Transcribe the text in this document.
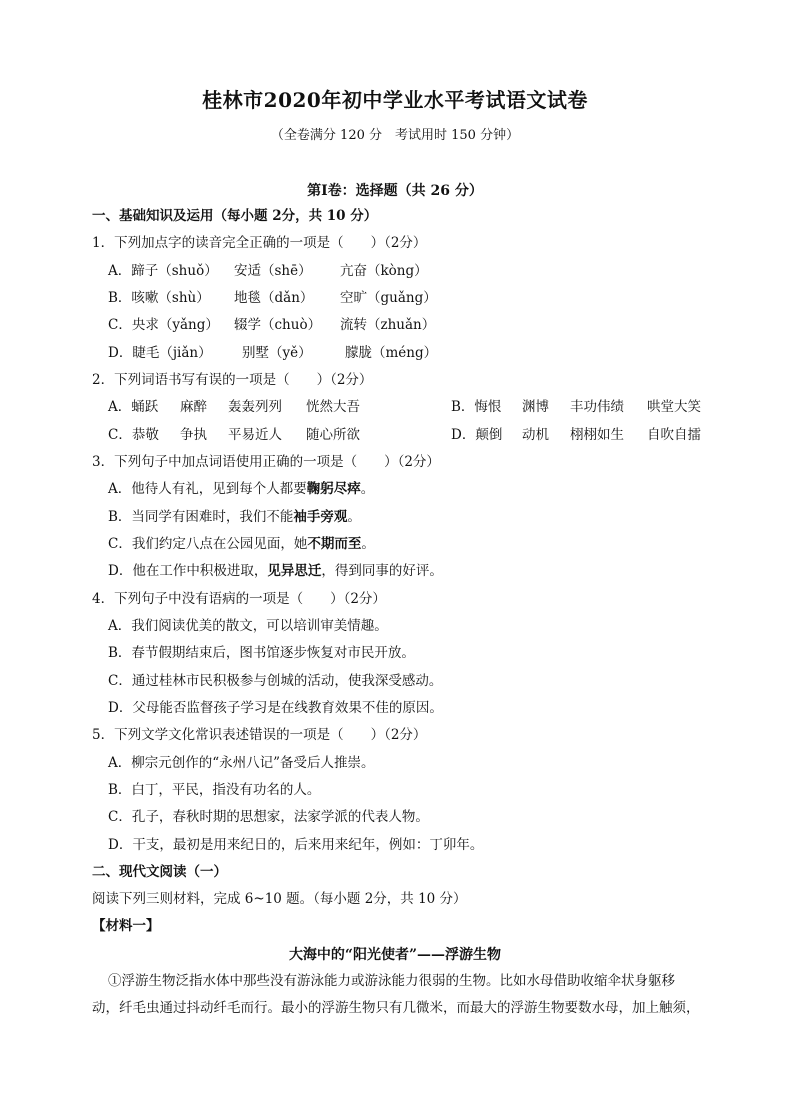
桂林市2020年初中学业水平考试语文试卷
（全卷满分 120 分　考试用时 150 分钟）
第Ⅰ卷：选择题（共 26 分）
一、基础知识及运用（每小题 2分，共 10 分）
1．下列加点字的读音完全正确的一项是（　　）（2分）
A．蹄子（shuǒ） 安适（shē） 亢奋（kòng）
B．咳嗽（shù） 地毯（dǎn） 空旷（guǎng）
C．央求（yǎng） 辍学（chuò） 流转（zhuǎn）
D．睫毛（jiǎn） 别墅（yě） 朦胧（méng）
2．下列词语书写有误的一项是（　　）（2分）
A．蛹跃 麻醉 轰轰列列 恍然大吾	B．悔恨 渊博 丰功伟绩 哄堂大笑
C．恭敬 争执 平易近人 随心所欲	D．颠倒 动机 栩栩如生 自吹自擂
3．下列句子中加点词语使用正确的一项是（　　）（2分）
A．他待人有礼，见到每个人都要鞠躬尽瘁。
B．当同学有困难时，我们不能袖手旁观。
C．我们约定八点在公园见面，她不期而至。
D．他在工作中积极进取，见异思迁，得到同事的好评。
4．下列句子中没有语病的一项是（　　）（2分）
A．我们阅读优美的散文，可以培训审美情趣。
B．春节假期结束后，图书馆逐步恢复对市民开放。
C．通过桂林市民积极参与创城的活动，使我深受感动。
D．父母能否监督孩子学习是在线教育效果不佳的原因。
5．下列文学文化常识表述错误的一项是（　　）（2分）
A．柳宗元创作的“永州八记”备受后人推崇。
B．白丁，平民，指没有功名的人。
C．孔子，春秋时期的思想家，法家学派的代表人物。
D．干支，最初是用来纪日的，后来用来纪年，例如：丁卯年。
二、现代文阅读（一）
阅读下列三则材料，完成 6~10 题。（每小题 2分，共 10 分）
【材料一】
大海中的“阳光使者”——浮游生物
①浮游生物泛指水体中那些没有游泳能力或游泳能力很弱的生物。比如水母借助收缩伞状身躯移
动，纤毛虫通过抖动纤毛而行。最小的浮游生物只有几微米，而最大的浮游生物要数水母，加上触须，
